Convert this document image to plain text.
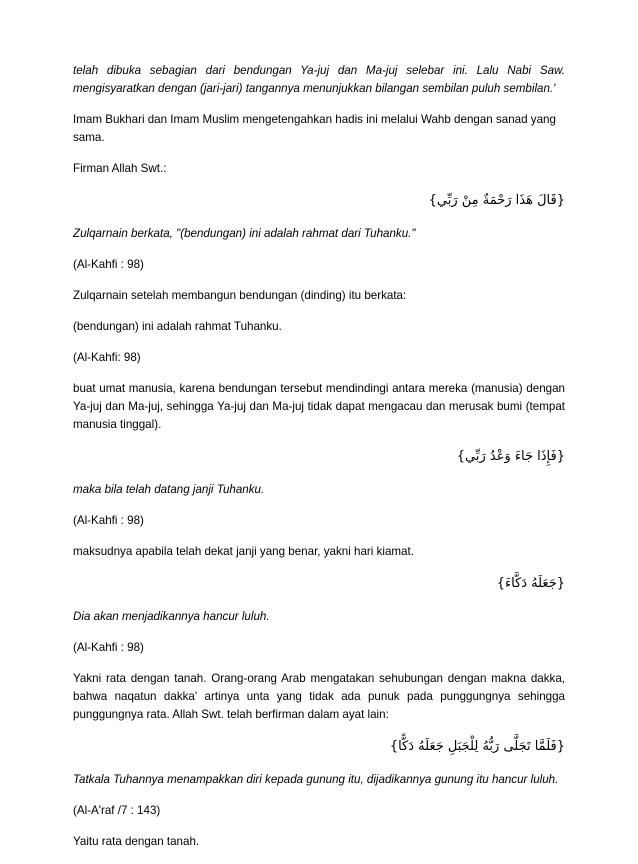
telah dibuka sebagian dari bendungan Ya-juj dan Ma-juj selebar ini. Lalu Nabi Saw. mengisyaratkan dengan (jari-jari) tangannya menunjukkan bilangan sembilan puluh sembilan.'

Imam Bukhari dan Imam Muslim mengetengahkan hadis ini melalui Wahb dengan sanad yang sama.

Firman Allah Swt.:

{قَالَ هَذَا رَحْمَةٌ مِنْ رَبِّي}

Zulqarnain berkata, "(bendungan) ini adalah rahmat dari Tuhanku."

(Al-Kahfi : 98)

Zulqarnain setelah membangun bendungan (dinding) itu berkata:

(bendungan) ini adalah rahmat Tuhanku.

(Al-Kahfi: 98)

buat umat manusia, karena bendungan tersebut mendindingi antara mereka (manusia) dengan Ya-juj dan Ma-juj, sehingga Ya-juj dan Ma-juj tidak dapat mengacau dan merusak bumi (tempat manusia tinggal).

{فَإِذَا جَاءَ وَعْدُ رَبِّي}

maka bila telah datang janji Tuhanku.

(Al-Kahfi : 98)

maksudnya apabila telah dekat janji yang benar, yakni hari kiamat.

{جَعَلَهُ دَكَّاءَ}

Dia akan menjadikannya hancur luluh.

(Al-Kahfi : 98)

Yakni rata dengan tanah. Orang-orang Arab mengatakan sehubungan dengan makna dakka, bahwa naqatun dakka' artinya unta yang tidak ada punuk pada punggungnya sehingga punggungnya rata. Allah Swt. telah berfirman dalam ayat lain:

{فَلَمَّا تَجَلَّى رَبُّهُ لِلْجَبَلِ جَعَلَهُ دَكًّا}

Tatkala Tuhannya menampakkan diri kepada gunung itu, dijadikannya gunung itu hancur luluh.

(Al-A'raf /7 : 143)

Yaitu rata dengan tanah.
